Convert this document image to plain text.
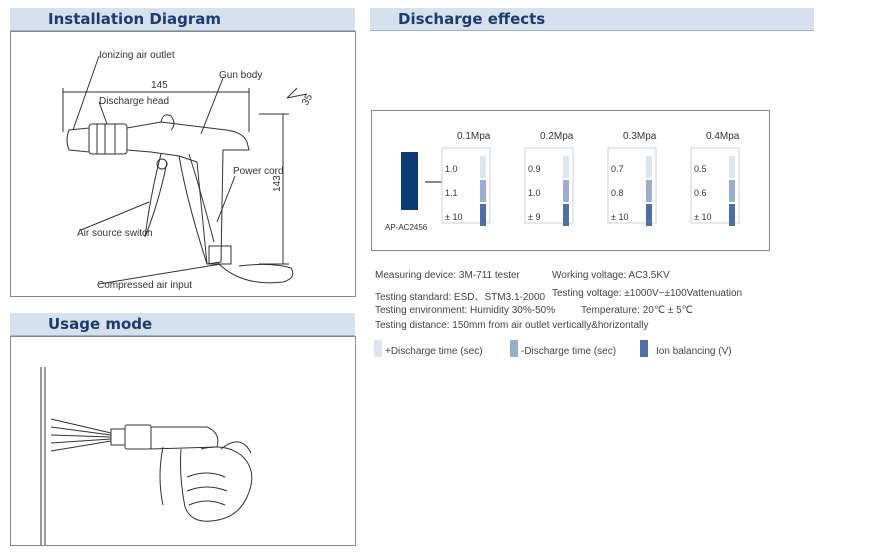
Installation Diagram
Ionizing air outlet
145
Discharge head
Gun body
Power cord
143
35
Air source switch
Compressed air input
Usage mode
Discharge effects
AP-AC2456
0.1Mpa
1.0
1.1
± 10
0.2Mpa
0.9
1.0
± 9
0.3Mpa
0.7
0.8
± 10
0.4Mpa
0.5
0.6
± 10
Measuring device: 3M-711 tester	Working voltage: AC3.5KV
Testing standard: ESD、STM3.1-2000 Testing voltage: ±1000V~±100Vattenuation
Testing environment: Humidity 30%-50%	Temperature: 20℃ ± 5℃
Testing distance: 150mm from air outlet vertically&horizontally
+Discharge time (sec)	-Discharge time (sec)	Ion balancing (V)
